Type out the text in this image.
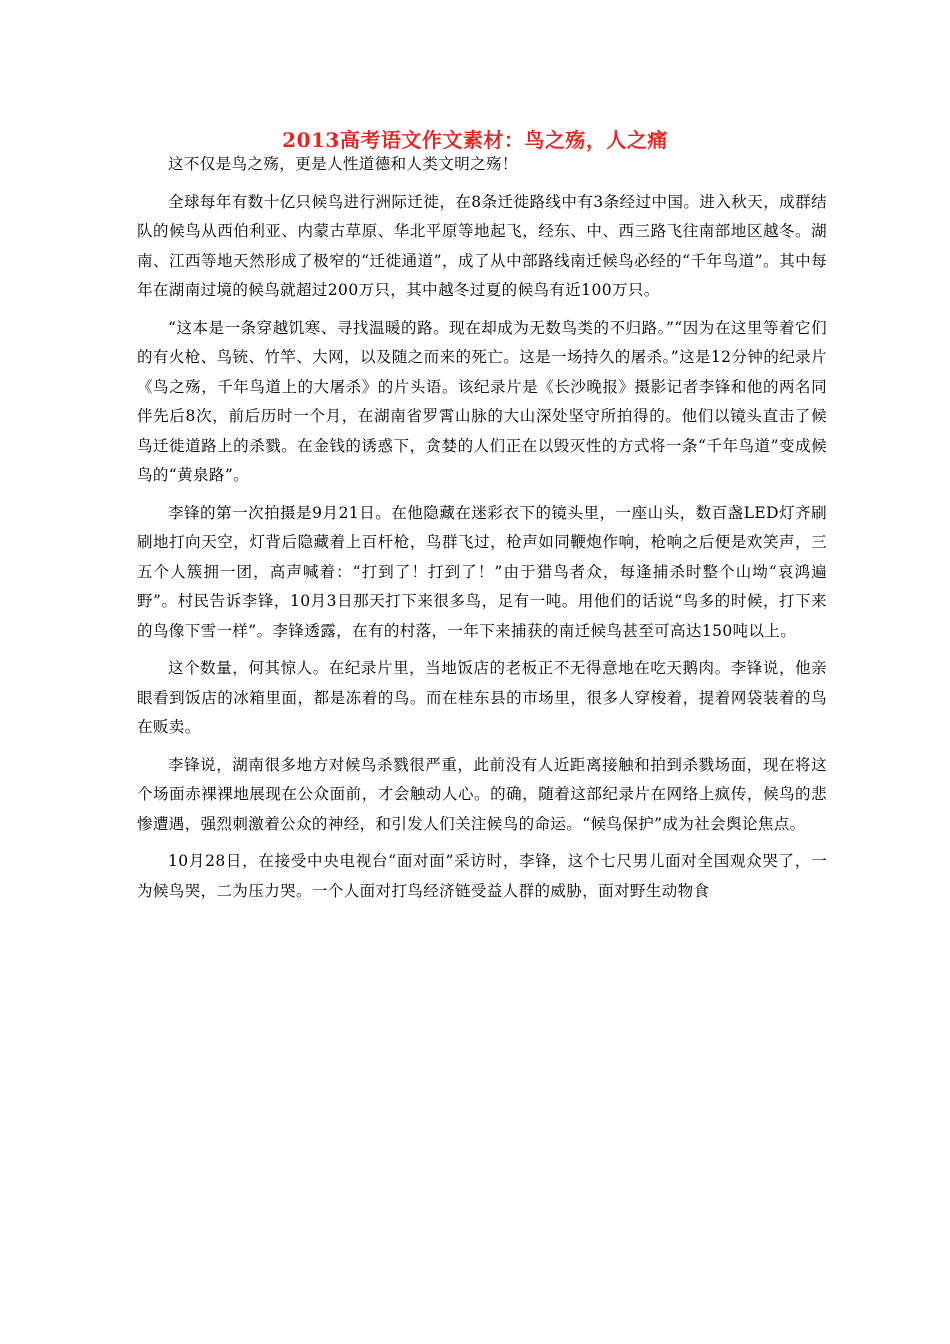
2013高考语文作文素材：鸟之殇，人之痛

这不仅是鸟之殇，更是人性道德和人类文明之殇！

全球每年有数十亿只候鸟进行洲际迁徙，在8条迁徙路线中有3条经过中国。进入秋天，成群结队的候鸟从西伯利亚、内蒙古草原、华北平原等地起飞，经东、中、西三路飞往南部地区越冬。湖南、江西等地天然形成了极窄的“迁徙通道”，成了从中部路线南迁候鸟必经的“千年鸟道”。其中每年在湖南过境的候鸟就超过200万只，其中越冬过夏的候鸟有近100万只。

“这本是一条穿越饥寒、寻找温暖的路。现在却成为无数鸟类的不归路。”“因为在这里等着它们的有火枪、鸟铳、竹竿、大网，以及随之而来的死亡。这是一场持久的屠杀。”这是12分钟的纪录片《鸟之殇，千年鸟道上的大屠杀》的片头语。该纪录片是《长沙晚报》摄影记者李锋和他的两名同伴先后8次，前后历时一个月，在湖南省罗霄山脉的大山深处坚守所拍得的。他们以镜头直击了候鸟迁徙道路上的杀戮。在金钱的诱惑下，贪婪的人们正在以毁灭性的方式将一条“千年鸟道”变成候鸟的“黄泉路”。

李锋的第一次拍摄是9月21日。在他隐藏在迷彩衣下的镜头里，一座山头，数百盏LED灯齐刷刷地打向天空，灯背后隐藏着上百杆枪，鸟群飞过，枪声如同鞭炮作响，枪响之后便是欢笑声，三五个人簇拥一团，高声喊着：“打到了！打到了！”由于猎鸟者众，每逢捕杀时整个山坳“哀鸿遍野”。村民告诉李锋，10月3日那天打下来很多鸟，足有一吨。用他们的话说“鸟多的时候，打下来的鸟像下雪一样”。李锋透露，在有的村落，一年下来捕获的南迁候鸟甚至可高达150吨以上。

这个数量，何其惊人。在纪录片里，当地饭店的老板正不无得意地在吃天鹅肉。李锋说，他亲眼看到饭店的冰箱里面，都是冻着的鸟。而在桂东县的市场里，很多人穿梭着，提着网袋装着的鸟在贩卖。

李锋说，湖南很多地方对候鸟杀戮很严重，此前没有人近距离接触和拍到杀戮场面，现在将这个场面赤裸裸地展现在公众面前，才会触动人心。的确，随着这部纪录片在网络上疯传，候鸟的悲惨遭遇，强烈刺激着公众的神经，和引发人们关注候鸟的命运。“候鸟保护”成为社会舆论焦点。

10月28日，在接受中央电视台“面对面”采访时，李锋，这个七尺男儿面对全国观众哭了，一为候鸟哭，二为压力哭。一个人面对打鸟经济链受益人群的威胁，面对野生动物食
